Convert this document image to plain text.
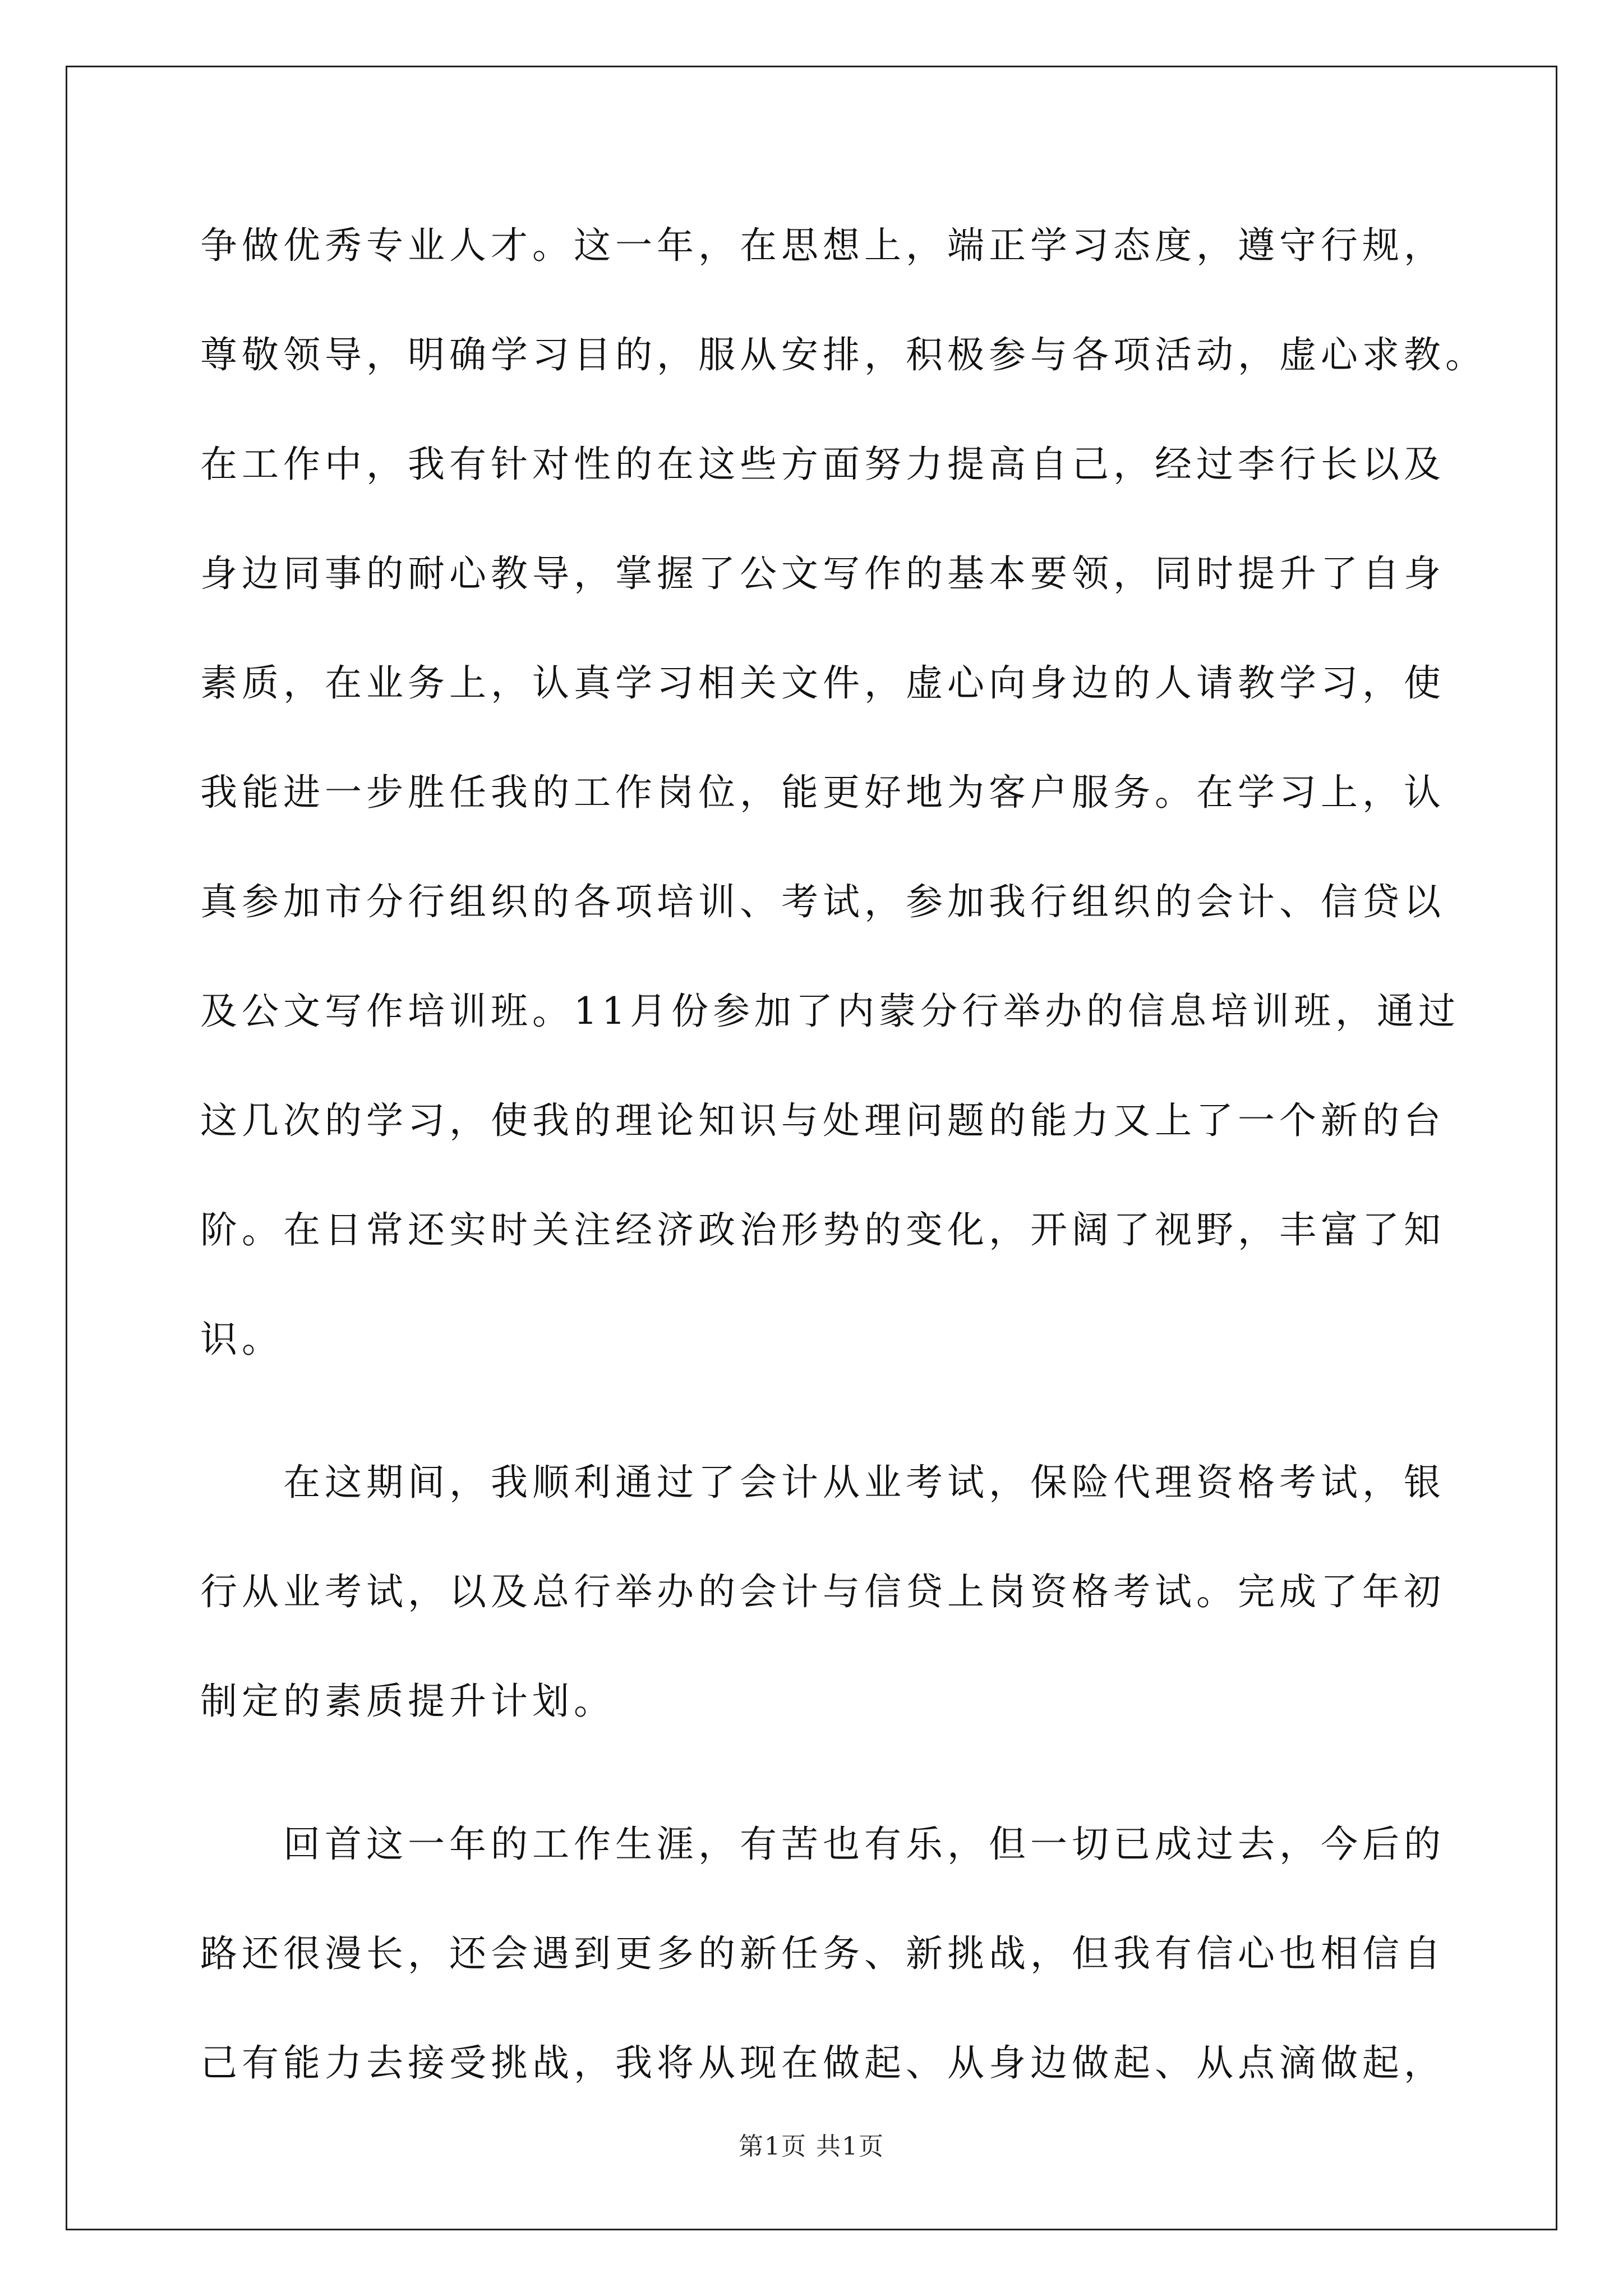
争做优秀专业人才。这一年，在思想上，端正学习态度，遵守行规，
尊敬领导，明确学习目的，服从安排，积极参与各项活动，虚心求教。
在工作中，我有针对性的在这些方面努力提高自己，经过李行长以及
身边同事的耐心教导，掌握了公文写作的基本要领，同时提升了自身
素质，在业务上，认真学习相关文件，虚心向身边的人请教学习，使
我能进一步胜任我的工作岗位，能更好地为客户服务。在学习上，认
真参加市分行组织的各项培训、考试，参加我行组织的会计、信贷以
及公文写作培训班。11月份参加了内蒙分行举办的信息培训班，通过
这几次的学习，使我的理论知识与处理问题的能力又上了一个新的台
阶。在日常还实时关注经济政治形势的变化，开阔了视野，丰富了知
识。
在这期间，我顺利通过了会计从业考试，保险代理资格考试，银
行从业考试，以及总行举办的会计与信贷上岗资格考试。完成了年初
制定的素质提升计划。
回首这一年的工作生涯，有苦也有乐，但一切已成过去，今后的
路还很漫长，还会遇到更多的新任务、新挑战，但我有信心也相信自
己有能力去接受挑战，我将从现在做起、从身边做起、从点滴做起，
第1页 共1页
